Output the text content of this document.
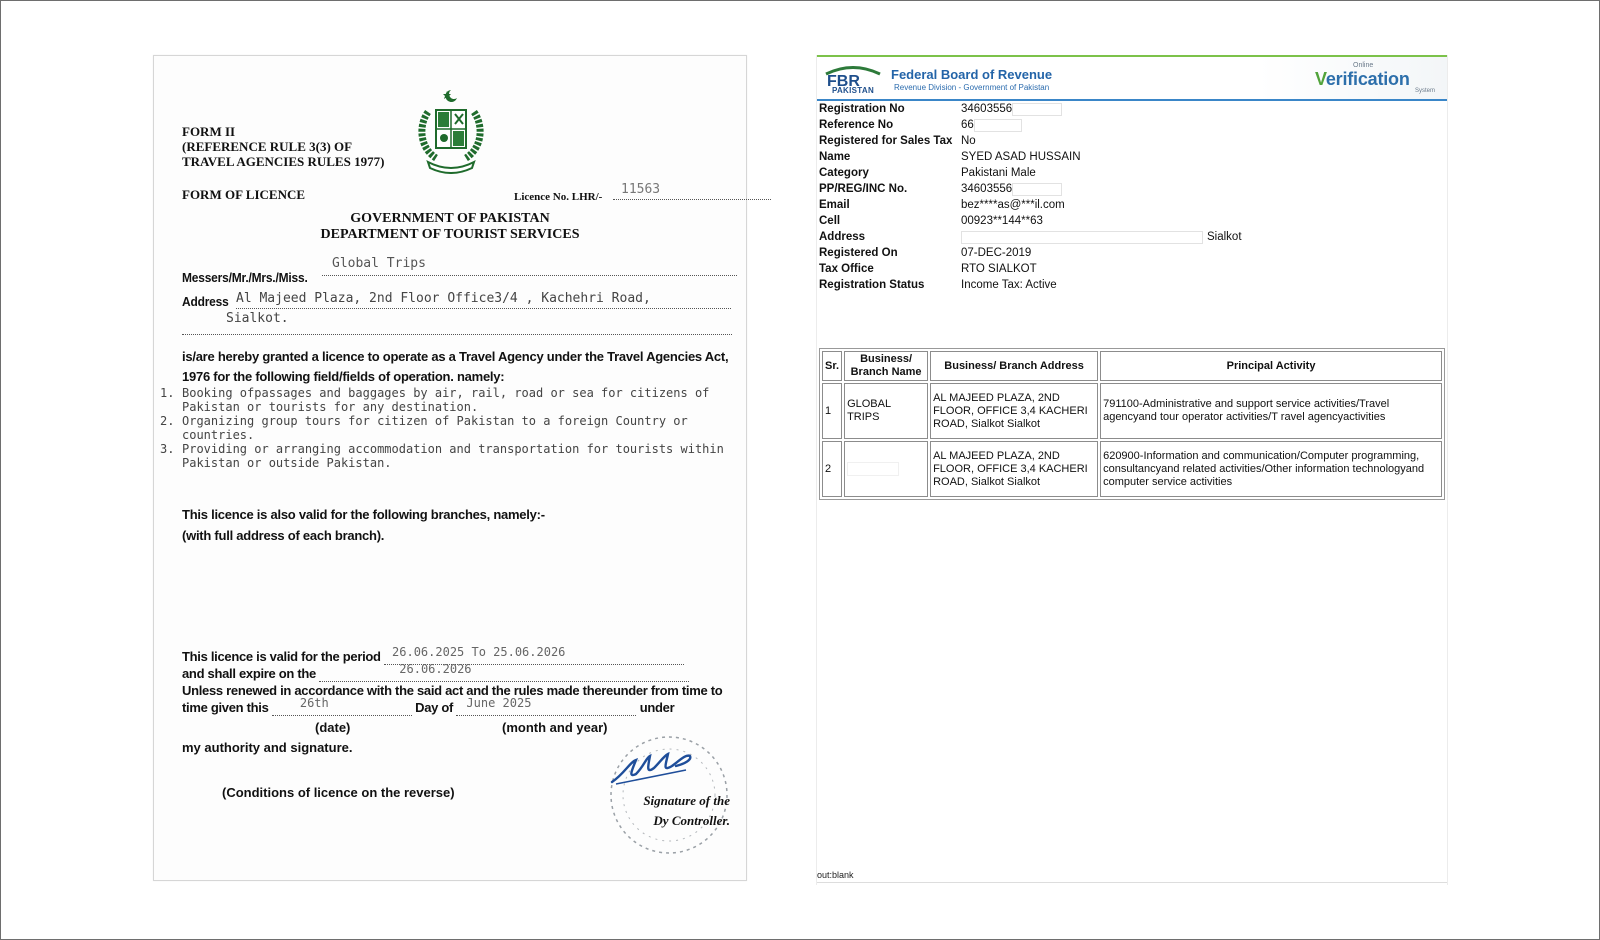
FORM II
(REFERENCE RULE 3(3) OF
TRAVEL AGENCIES RULES 1977)
FORM OF LICENCE	Licence No. LHR/-	11563
GOVERNMENT OF PAKISTAN
DEPARTMENT OF TOURIST SERVICES
Messers/Mr./Mrs./Miss.
Global Trips
Address Al Majeed Plaza, 2nd Floor Office3/4 , Kachehri Road,
Sialkot.
is/are hereby granted a licence to operate as a Travel Agency under the Travel Agencies Act, 1976 for the following field/fields of operation. namely:
1. Booking ofpassages and baggages by air, rail, road or sea for citizens of Pakistan or tourists for any destination.
2. Organizing group tours for citizen of Pakistan to a foreign Country or countries.
3. Providing or arranging accommodation and transportation for tourists within Pakistan or outside Pakistan.
This licence is also valid for the following branches, namely:-
(with full address of each branch).
This licence is valid for the period 26.06.2025 To 25.06.2026
and shall expire on the	26.06.2026
Unless renewed in accordance with the said act and the rules made thereunder from time to
time given this	26th	Day of June 2025	under
(date)	(month and year)
my authority and signature.
(Conditions of licence on the reverse)
Signature of the
Dy Controller.
FBR
PAKISTAN
Federal Board of Revenue
Revenue Division - Government of Pakistan
Online
Verification
System
Registration No	34603556
Reference No	66
Registered for Sales Tax No
Name	SYED ASAD HUSSAIN
Category	Pakistani Male
PP/REG/INC No.	34603556
Email	bez****as@***il.com
Cell	00923**144**63
Address	Sialkot
Registered On	07-DEC-2019
Tax Office	RTO SIALKOT
Registration Status	Income Tax: Active
Sr.	Business/ Branch Name	Business/ Branch Address	Principal Activity
1	GLOBAL TRIPS	AL MAJEED PLAZA, 2ND FLOOR, OFFICE 3,4 KACHERI ROAD, Sialkot Sialkot	791100-Administrative and support service activities/Travel agencyand tour operator activities/T ravel agencyactivities
2		AL MAJEED PLAZA, 2ND FLOOR, OFFICE 3,4 KACHERI ROAD, Sialkot Sialkot	620900-Information and communication/Computer programming, consultancyand related activities/Other information technologyand computer service activities
out:blank
